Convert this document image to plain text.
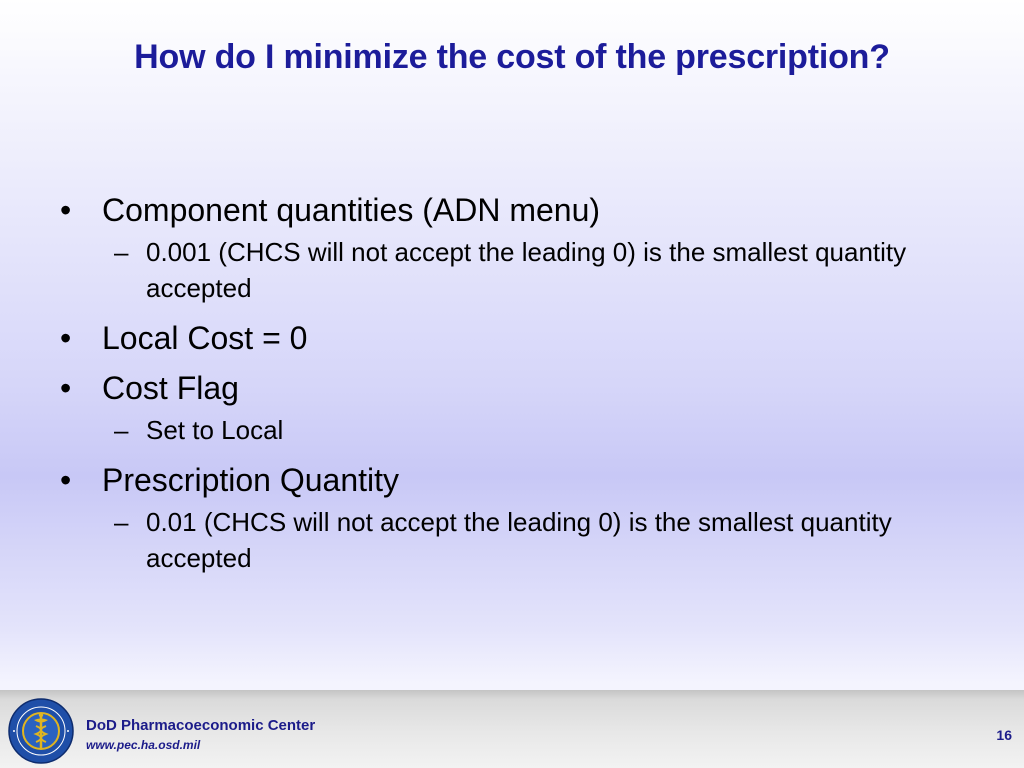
How do I minimize the cost of the prescription?
• Component quantities (ADN menu)
– 0.001 (CHCS will not accept the leading 0) is the smallest quantity accepted
• Local Cost = 0
• Cost Flag
– Set to Local
• Prescription Quantity
– 0.01 (CHCS will not accept the leading 0) is the smallest quantity accepted
DoD Pharmacoeconomic Center
www.pec.ha.osd.mil
16
